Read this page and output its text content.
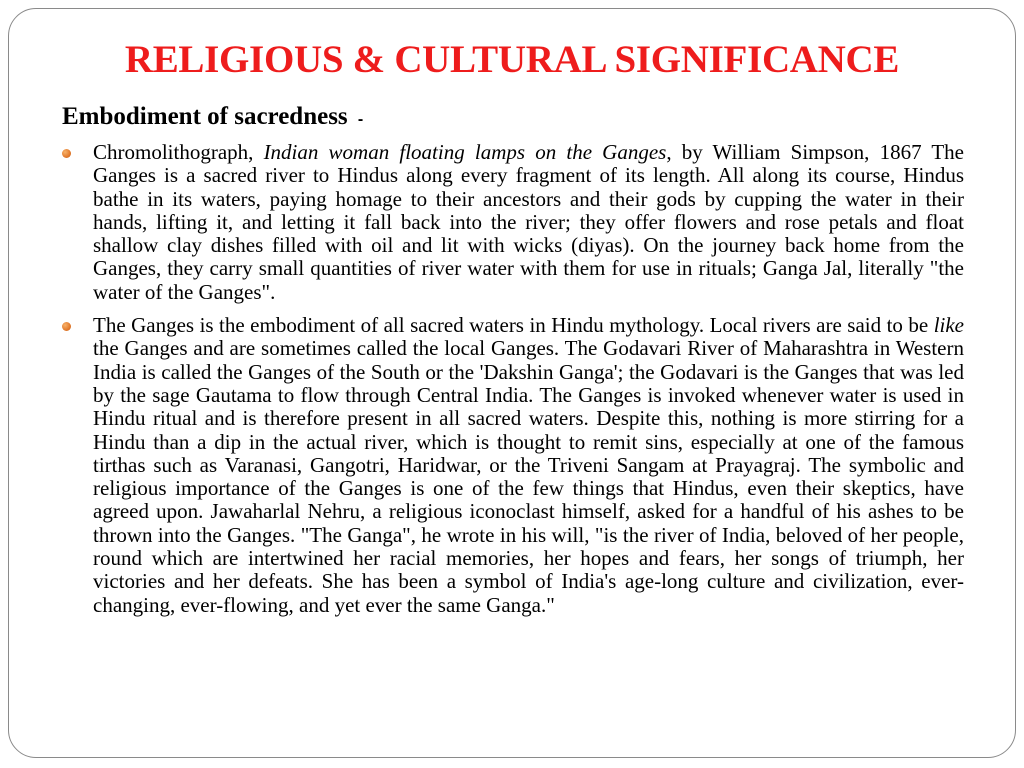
RELIGIOUS & CULTURAL SIGNIFICANCE
Embodiment of sacredness -
Chromolithograph, Indian woman floating lamps on the Ganges, by William Simpson, 1867 The Ganges is a sacred river to Hindus along every fragment of its length. All along its course, Hindus bathe in its waters, paying homage to their ancestors and their gods by cupping the water in their hands, lifting it, and letting it fall back into the river; they offer flowers and rose petals and float shallow clay dishes filled with oil and lit with wicks (diyas). On the journey back home from the Ganges, they carry small quantities of river water with them for use in rituals; Ganga Jal, literally "the water of the Ganges".
The Ganges is the embodiment of all sacred waters in Hindu mythology. Local rivers are said to be like the Ganges and are sometimes called the local Ganges. The Godavari River of Maharashtra in Western India is called the Ganges of the South or the 'Dakshin Ganga'; the Godavari is the Ganges that was led by the sage Gautama to flow through Central India. The Ganges is invoked whenever water is used in Hindu ritual and is therefore present in all sacred waters. Despite this, nothing is more stirring for a Hindu than a dip in the actual river, which is thought to remit sins, especially at one of the famous tirthas such as Varanasi, Gangotri, Haridwar, or the Triveni Sangam at Prayagraj. The symbolic and religious importance of the Ganges is one of the few things that Hindus, even their skeptics, have agreed upon. Jawaharlal Nehru, a religious iconoclast himself, asked for a handful of his ashes to be thrown into the Ganges. "The Ganga", he wrote in his will, "is the river of India, beloved of her people, round which are intertwined her racial memories, her hopes and fears, her songs of triumph, her victories and her defeats. She has been a symbol of India's age-long culture and civilization, ever-changing, ever-flowing, and yet ever the same Ganga."
